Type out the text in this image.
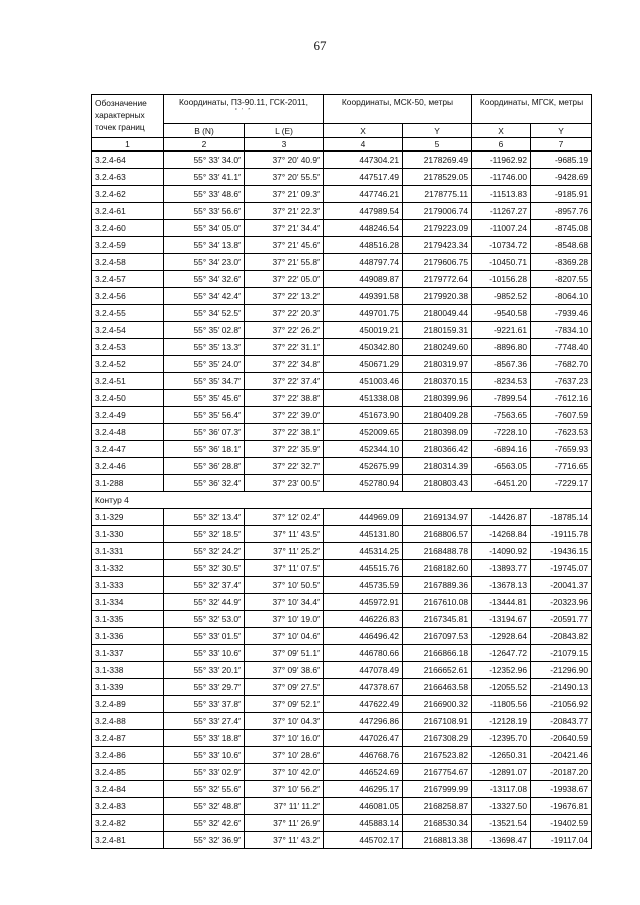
67
Обозначение характерных точек границ	Координаты, ПЗ-90.11, ГСК-2011,
° ′ ″		Координаты, МСК-50, метры		Координаты, МГСК, метры	
	B (N)	L (E)	X	Y	X	Y
1	2	3	4	5	6	7
3.2.4-64	55° 33′ 34.0″	37° 20′ 40.9″	447304.21	2178269.49	-11962.92	-9685.19
3.2.4-63	55° 33′ 41.1″	37° 20′ 55.5″	447517.49	2178529.05	-11746.00	-9428.69
3.2.4-62	55° 33′ 48.6″	37° 21′ 09.3″	447746.21	2178775.11	-11513.83	-9185.91
3.2.4-61	55° 33′ 56.6″	37° 21′ 22.3″	447989.54	2179006.74	-11267.27	-8957.76
3.2.4-60	55° 34′ 05.0″	37° 21′ 34.4″	448246.54	2179223.09	-11007.24	-8745.08
3.2.4-59	55° 34′ 13.8″	37° 21′ 45.6″	448516.28	2179423.34	-10734.72	-8548.68
3.2.4-58	55° 34′ 23.0″	37° 21′ 55.8″	448797.74	2179606.75	-10450.71	-8369.28
3.2.4-57	55° 34′ 32.6″	37° 22′ 05.0″	449089.87	2179772.64	-10156.28	-8207.55
3.2.4-56	55° 34′ 42.4″	37° 22′ 13.2″	449391.58	2179920.38	-9852.52	-8064.10
3.2.4-55	55° 34′ 52.5″	37° 22′ 20.3″	449701.75	2180049.44	-9540.58	-7939.46
3.2.4-54	55° 35′ 02.8″	37° 22′ 26.2″	450019.21	2180159.31	-9221.61	-7834.10
3.2.4-53	55° 35′ 13.3″	37° 22′ 31.1″	450342.80	2180249.60	-8896.80	-7748.40
3.2.4-52	55° 35′ 24.0″	37° 22′ 34.8″	450671.29	2180319.97	-8567.36	-7682.70
3.2.4-51	55° 35′ 34.7″	37° 22′ 37.4″	451003.46	2180370.15	-8234.53	-7637.23
3.2.4-50	55° 35′ 45.6″	37° 22′ 38.8″	451338.08	2180399.96	-7899.54	-7612.16
3.2.4-49	55° 35′ 56.4″	37° 22′ 39.0″	451673.90	2180409.28	-7563.65	-7607.59
3.2.4-48	55° 36′ 07.3″	37° 22′ 38.1″	452009.65	2180398.09	-7228.10	-7623.53
3.2.4-47	55° 36′ 18.1″	37° 22′ 35.9″	452344.10	2180366.42	-6894.16	-7659.93
3.2.4-46	55° 36′ 28.8″	37° 22′ 32.7″	452675.99	2180314.39	-6563.05	-7716.65
3.1-288	55° 36′ 32.4″	37° 23′ 00.5″	452780.94	2180803.43	-6451.20	-7229.17
Контур 4						
3.1-329	55° 32′ 13.4″	37° 12′ 02.4″	444969.09	2169134.97	-14426.87	-18785.14
3.1-330	55° 32′ 18.5″	37° 11′ 43.5″	445131.80	2168806.57	-14268.84	-19115.78
3.1-331	55° 32′ 24.2″	37° 11′ 25.2″	445314.25	2168488.78	-14090.92	-19436.15
3.1-332	55° 32′ 30.5″	37° 11′ 07.5″	445515.76	2168182.60	-13893.77	-19745.07
3.1-333	55° 32′ 37.4″	37° 10′ 50.5″	445735.59	2167889.36	-13678.13	-20041.37
3.1-334	55° 32′ 44.9″	37° 10′ 34.4″	445972.91	2167610.08	-13444.81	-20323.96
3.1-335	55° 32′ 53.0″	37° 10′ 19.0″	446226.83	2167345.81	-13194.67	-20591.77
3.1-336	55° 33′ 01.5″	37° 10′ 04.6″	446496.42	2167097.53	-12928.64	-20843.82
3.1-337	55° 33′ 10.6″	37° 09′ 51.1″	446780.66	2166866.18	-12647.72	-21079.15
3.1-338	55° 33′ 20.1″	37° 09′ 38.6″	447078.49	2166652.61	-12352.96	-21296.90
3.1-339	55° 33′ 29.7″	37° 09′ 27.5″	447378.67	2166463.58	-12055.52	-21490.13
3.2.4-89	55° 33′ 37.8″	37° 09′ 52.1″	447622.49	2166900.32	-11805.56	-21056.92
3.2.4-88	55° 33′ 27.4″	37° 10′ 04.3″	447296.86	2167108.91	-12128.19	-20843.77
3.2.4-87	55° 33′ 18.8″	37° 10′ 16.0″	447026.47	2167308.29	-12395.70	-20640.59
3.2.4-86	55° 33′ 10.6″	37° 10′ 28.6″	446768.76	2167523.82	-12650.31	-20421.46
3.2.4-85	55° 33′ 02.9″	37° 10′ 42.0″	446524.69	2167754.67	-12891.07	-20187.20
3.2.4-84	55° 32′ 55.6″	37° 10′ 56.2″	446295.17	2167999.99	-13117.08	-19938.67
3.2.4-83	55° 32′ 48.8″	37° 11′ 11.2″	446081.05	2168258.87	-13327.50	-19676.81
3.2.4-82	55° 32′ 42.6″	37° 11′ 26.9″	445883.14	2168530.34	-13521.54	-19402.59
3.2.4-81	55° 32′ 36.9″	37° 11′ 43.2″	445702.17	2168813.38	-13698.47	-19117.04
